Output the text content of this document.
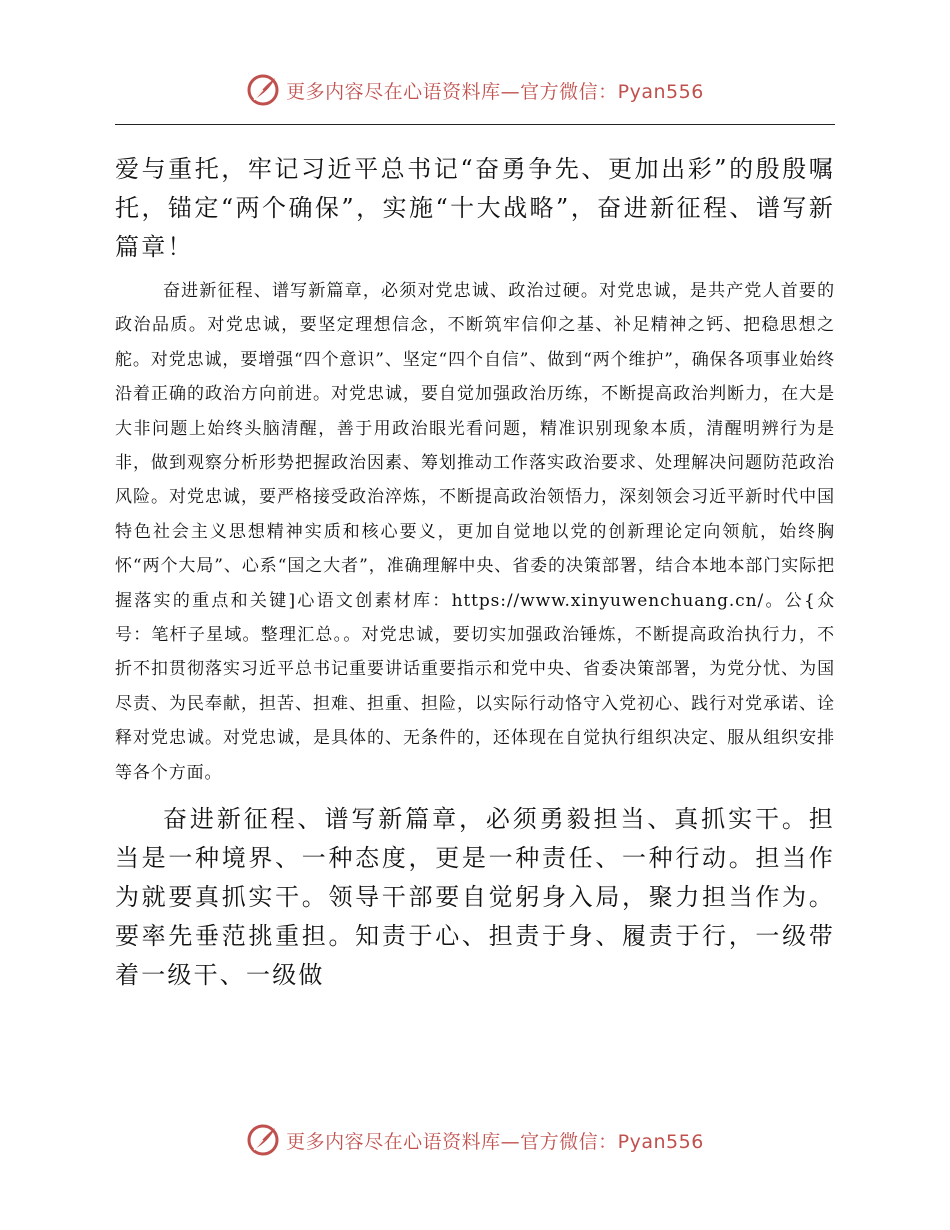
更多内容尽在心语资料库—官方微信：Pyan556

爱与重托，牢记习近平总书记“奋勇争先、更加出彩”的殷殷嘱托，锚定“两个确保”，实施“十大战略”，奋进新征程、谱写新篇章！

奋进新征程、谱写新篇章，必须对党忠诚、政治过硬。对党忠诚，是共产党人首要的政治品质。对党忠诚，要坚定理想信念，不断筑牢信仰之基、补足精神之钙、把稳思想之舵。对党忠诚，要增强“四个意识”、坚定“四个自信”、做到“两个维护”，确保各项事业始终沿着正确的政治方向前进。对党忠诚，要自觉加强政治历练，不断提高政治判断力，在大是大非问题上始终头脑清醒，善于用政治眼光看问题，精准识别现象本质，清醒明辨行为是非，做到观察分析形势把握政治因素、筹划推动工作落实政治要求、处理解决问题防范政治风险。对党忠诚，要严格接受政治淬炼，不断提高政治领悟力，深刻领会习近平新时代中国特色社会主义思想精神实质和核心要义，更加自觉地以党的创新理论定向领航，始终胸怀“两个大局”、心系“国之大者”，准确理解中央、省委的决策部署，结合本地本部门实际把握落实的重点和关键]心语文创素材库：https://www.xinyuwenchuang.cn/。公{众号：笔杆子星域。整理汇总。。对党忠诚，要切实加强政治锤炼，不断提高政治执行力，不折不扣贯彻落实习近平总书记重要讲话重要指示和党中央、省委决策部署，为党分忧、为国尽责、为民奉献，担苦、担难、担重、担险，以实际行动恪守入党初心、践行对党承诺、诠释对党忠诚。对党忠诚，是具体的、无条件的，还体现在自觉执行组织决定、服从组织安排等各个方面。

奋进新征程、谱写新篇章，必须勇毅担当、真抓实干。担当是一种境界、一种态度，更是一种责任、一种行动。担当作为就要真抓实干。领导干部要自觉躬身入局，聚力担当作为。要率先垂范挑重担。知责于心、担责于身、履责于行，一级带着一级干、一级做

更多内容尽在心语资料库—官方微信：Pyan556
